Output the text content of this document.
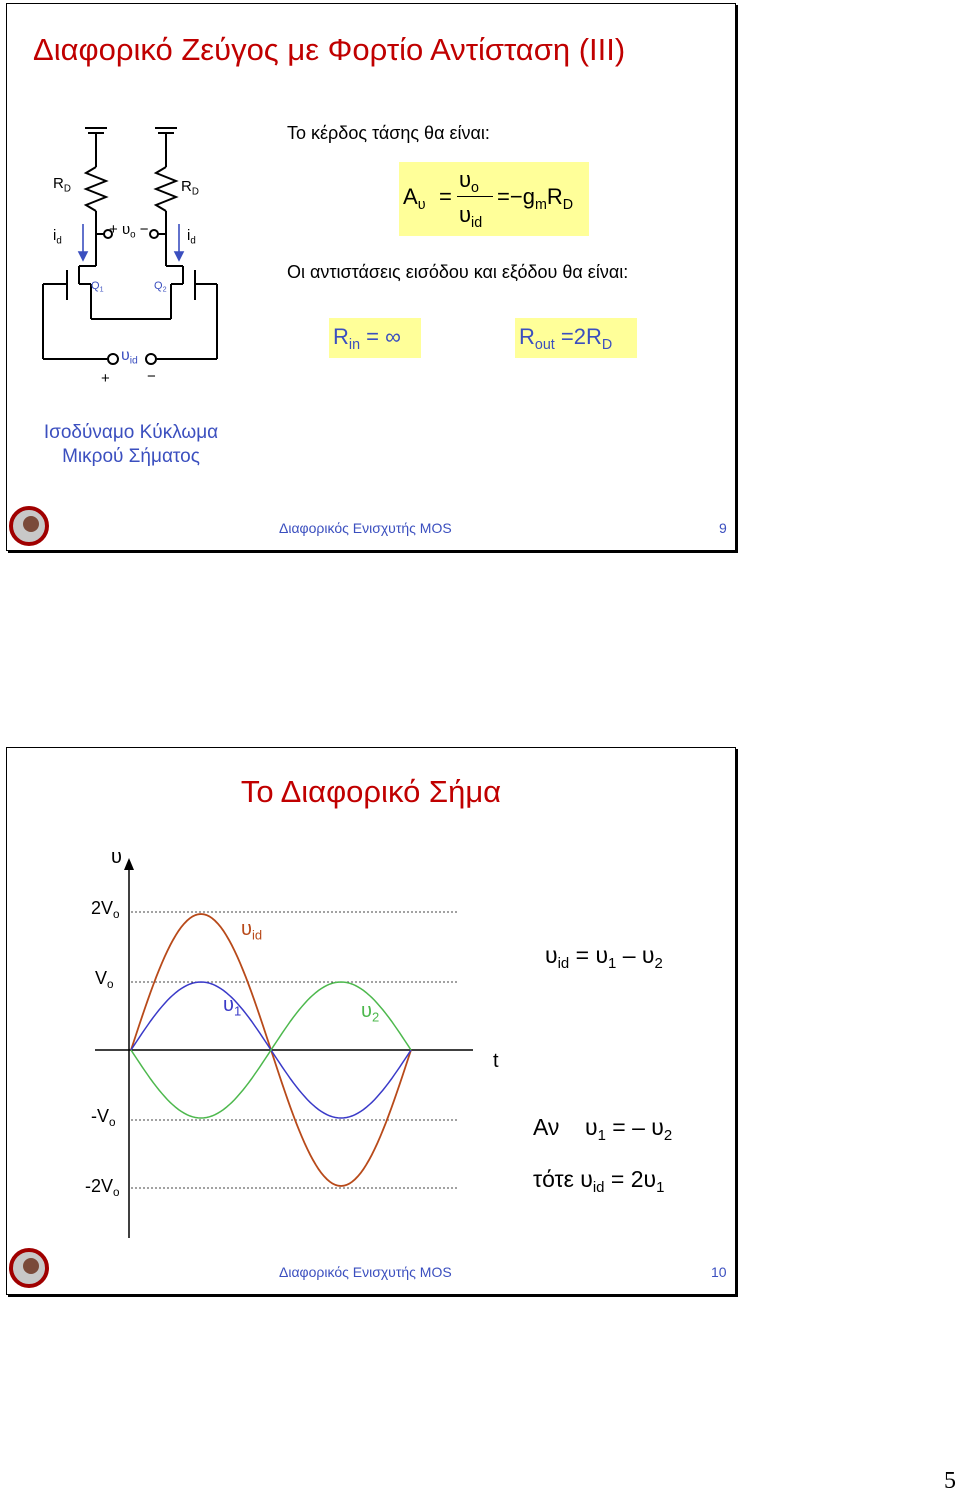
Διαφορικό Ζεύγος με Φορτίο Αντίσταση (ΙΙΙ)
$R_D$	$R_D$
$i_d$	$i_d$
+ $\upsilon_o$ −
$Q_1$	$Q_2$
$\upsilon_{id}$
+ −
Ισοδύναμο Κύκλωμα
Μικρού Σήματος
Το κέρδος τάσης θα είναι:
$A_\upsilon$ =
$\upsilon_o$
$\upsilon_{id}$
$=-g_mR_D$
Οι αντιστάσεις εισόδου και εξόδου θα είναι:
$R_{in}$ = ∞	$R_{out} =2R_D$
Διαφορικός Ενισχυτής MOS	9
Το Διαφορικό Σήμα
υ
t
$2V_o$
$V_o$
$-V_o$
$-2V_o$
$\upsilon_{id}$
$\upsilon_1$	$\upsilon_2$
$\upsilon_{id} = \upsilon_1 - \upsilon_2$
Αν $\upsilon_1$ = – $\upsilon_2$
τότε $\upsilon_{id} = 2\upsilon_1$
Διαφορικός Ενισχυτής MOS	10
5
